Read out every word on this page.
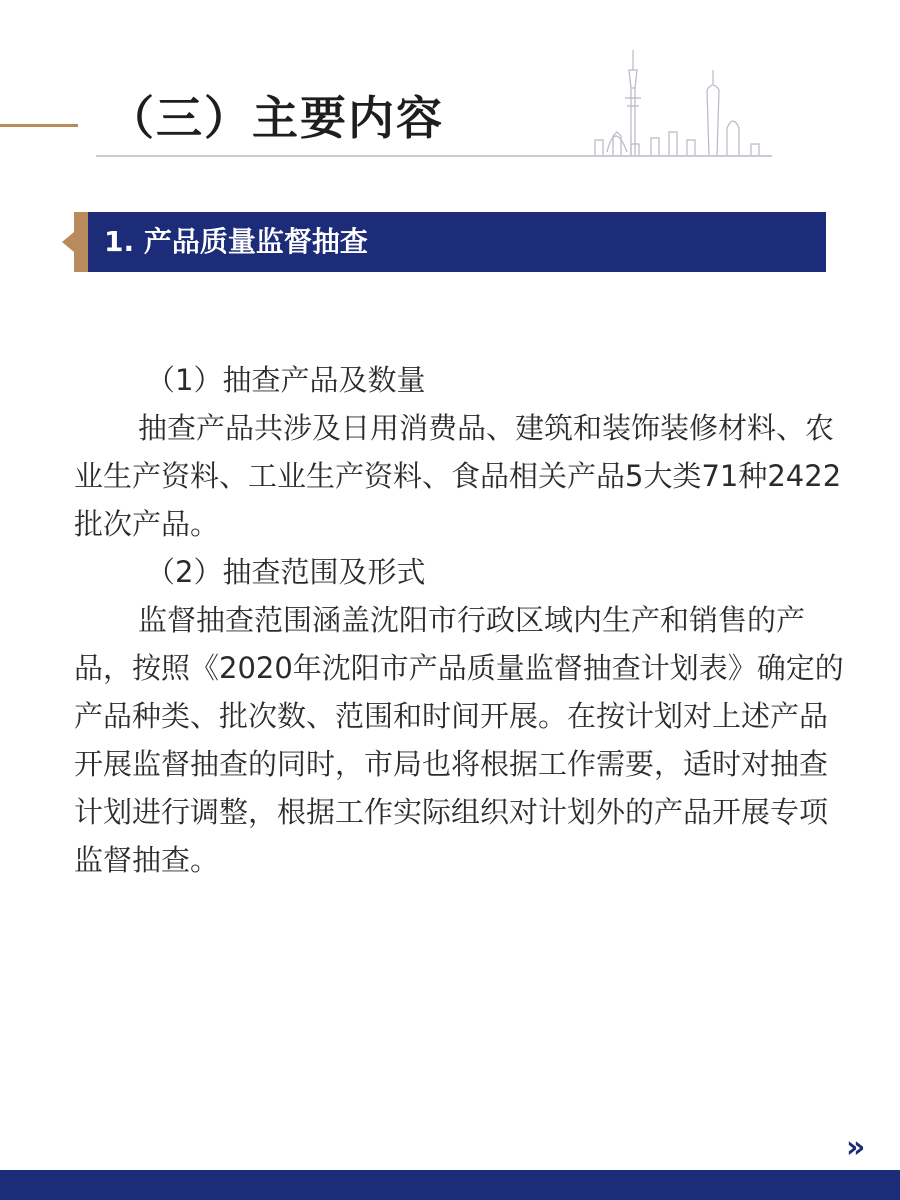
（三）主要内容
1. 产品质量监督抽查

（1）抽查产品及数量

抽查产品共涉及日用消费品、建筑和装饰装修材料、农业生产资料、工业生产资料、食品相关产品5大类71种2422批次产品。

（2）抽查范围及形式

监督抽查范围涵盖沈阳市行政区域内生产和销售的产品，按照《2020年沈阳市产品质量监督抽查计划表》确定的产品种类、批次数、范围和时间开展。在按计划对上述产品开展监督抽查的同时，市局也将根据工作需要，适时对抽查计划进行调整，根据工作实际组织对计划外的产品开展专项监督抽查。

»
